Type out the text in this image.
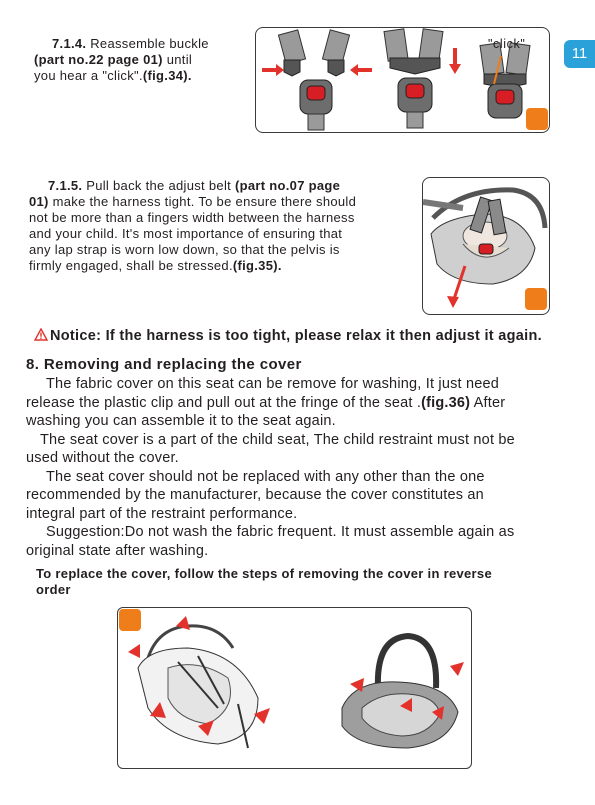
11
7.1.4. Reassemble buckle
(part no.22 page 01) until
you hear a "click".(fig.34).
"click"
7.1.5. Pull back the adjust belt (part no.07 page
01) make the harness tight. To be ensure there should
not be more than a fingers width between the harness
and your child. It's most importance of ensuring that
any lap strap is worn low down, so that the pelvis is
firmly engaged, shall be stressed.(fig.35).
Notice: If the harness is too tight, please relax it then adjust it again.
8. Removing and replacing the cover
The fabric cover on this seat can be remove for washing, It just need
release the plastic clip and pull out at the fringe of the seat .(fig.36) After
washing you can assemble it to the seat again.
The seat cover is a part of the child seat, The child restraint must not be
used without the cover.
The seat cover should not be replaced with any other than the one
recommended by the manufacturer, because the cover constitutes an
integral part of the restraint performance.
Suggestion:Do not wash the fabric frequent. It must assemble again as
original state after washing.
To replace the cover, follow the steps of removing the cover in reverse
order
